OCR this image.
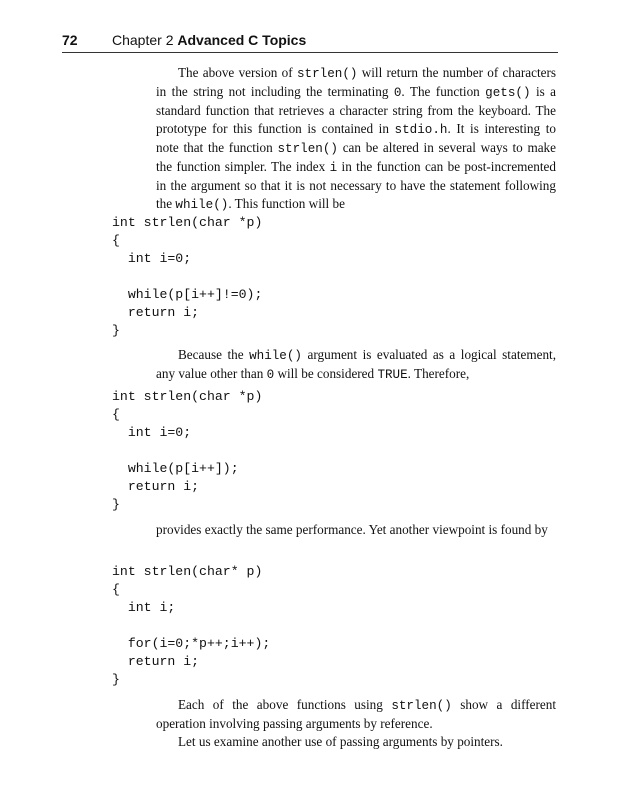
72 Chapter 2 Advanced C Topics

The above version of strlen() will return the number of characters in the string not including the terminating 0. The function gets() is a standard function that retrieves a character string from the keyboard. The prototype for this function is contained in stdio.h. It is interesting to note that the function strlen() can be altered in several ways to make the function simpler. The index i in the function can be post-incremented in the argument so that it is not necessary to have the statement following the while(). This function will be

int strlen(char *p)
{
int i=0;

while(p[i++]!=0);
return i;
}

Because the while() argument is evaluated as a logical statement, any value other than 0 will be considered TRUE. Therefore,

int strlen(char *p)
{
int i=0;

while(p[i++]);
return i;
}

provides exactly the same performance. Yet another viewpoint is found by

int strlen(char* p)
{
int i;

for(i=0;*p++;i++);
return i;
}

Each of the above functions using strlen() show a different operation involving passing arguments by reference.

Let us examine another use of passing arguments by pointers.
